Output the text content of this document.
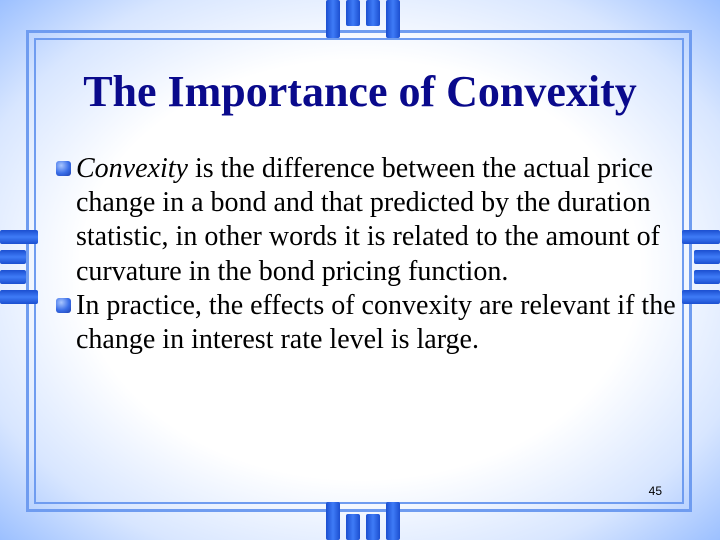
The Importance of Convexity
Convexity is the difference between the actual price change in a bond and that predicted by the duration statistic, in other words it is related to the amount of curvature in the bond pricing function.
In practice, the effects of convexity are relevant if the change in interest rate level is large.
45
